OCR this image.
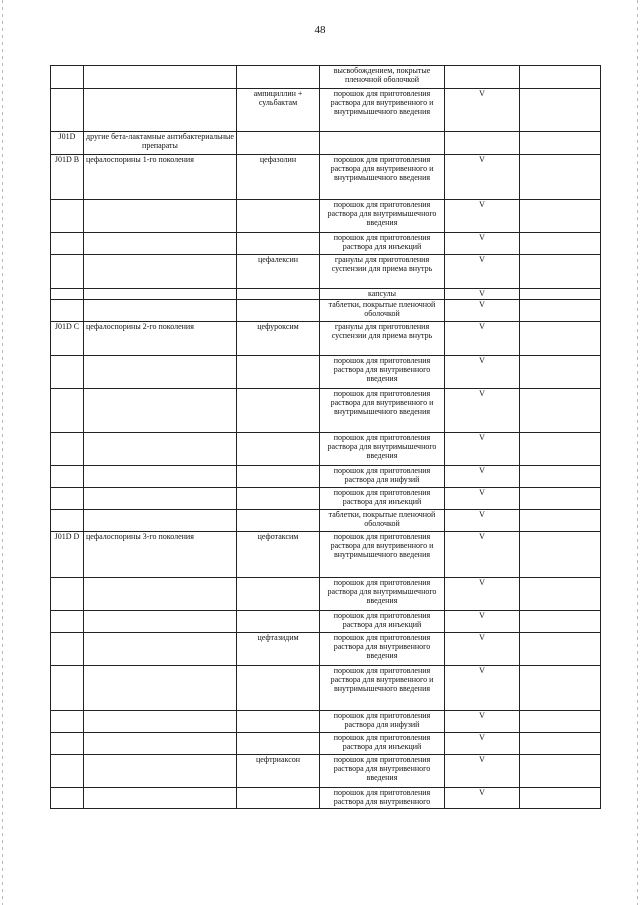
48
			высвобождением, покрытые пленочной оболочкой		
		ампициллин + сульбактам	порошок для приготовления раствора для внутривенного и внутримышечного введения	V	
J01D	другие бета-лактамные антибактериальные препараты				
J01D B	цефалоспорины 1-го поколения	цефазолин	порошок для приготовления раствора для внутривенного и внутримышечного введения	V	
			порошок для приготовления раствора для внутримышечного введения	V	
			порошок для приготовления раствора для инъекций	V	
		цефалексин	гранулы для приготовления суспензии для приема внутрь	V	
			капсулы	V	
			таблетки, покрытые пленочной оболочкой	V	
J01D C	цефалоспорины 2-го поколения	цефуроксим	гранулы для приготовления суспензии для приема внутрь	V	
			порошок для приготовления раствора для внутривенного введения	V	
			порошок для приготовления раствора для внутривенного и внутримышечного введения	V	
			порошок для приготовления раствора для внутримышечного введения	V	
			порошок для приготовления раствора для инфузий	V	
			порошок для приготовления раствора для инъекций	V	
			таблетки, покрытые пленочной оболочкой	V	
J01D D	цефалоспорины 3-го поколения	цефотаксим	порошок для приготовления раствора для внутривенного и внутримышечного введения	V	
			порошок для приготовления раствора для внутримышечного введения	V	
			порошок для приготовления раствора для инъекций	V	
		цефтазидим	порошок для приготовления раствора для внутривенного введения	V	
			порошок для приготовления раствора для внутривенного и внутримышечного введения	V	
			порошок для приготовления раствора для инфузий	V	
			порошок для приготовления раствора для инъекций	V	
		цефтриаксон	порошок для приготовления раствора для внутривенного введения	V	
			порошок для приготовления раствора для внутривенного	V	
